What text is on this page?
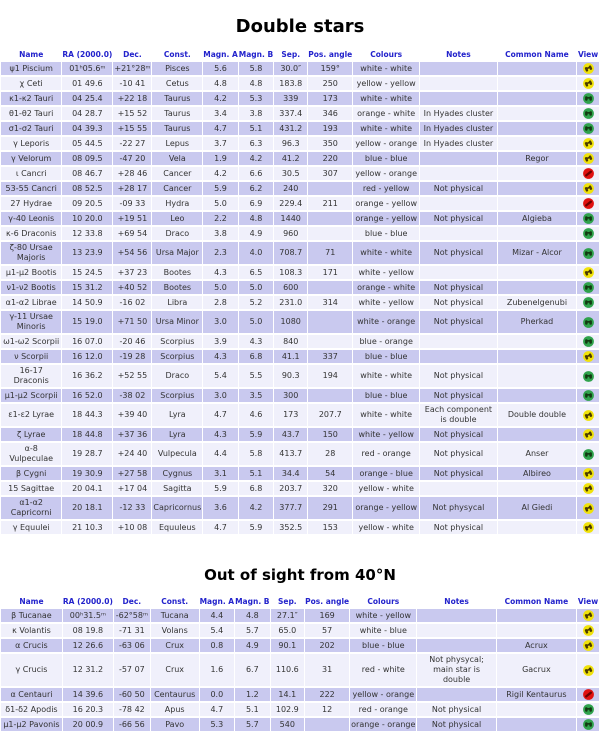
Double stars
Name	RA (2000.0)	Dec.	Const.	Magn. A	Magn. B	Sep.	Pos. angle	Colours	Notes	Common Name	View
ψ1 Piscium	01ʰ05.6ᵐ	+21°28ᵐ	Pisces	5.6	5.8	30.0″	159°	white - white			

χ Ceti	01 49.6	-10 41	Cetus	4.8	4.8	183.8	250	yellow - yellow			

κ1-κ2 Tauri	04 25.4	+22 18	Taurus	4.2	5.3	339	173	white - white			

θ1-θ2 Tauri	04 28.7	+15 52	Taurus	3.4	3.8	337.4	346	orange - white	In Hyades cluster		

σ1-σ2 Tauri	04 39.3	+15 55	Taurus	4.7	5.1	431.2	193	white - white	In Hyades cluster		

γ Leporis	05 44.5	-22 27	Lepus	3.7	6.3	96.3	350	yellow - orange	In Hyades cluster		

γ Velorum	08 09.5	-47 20	Vela	1.9	4.2	41.2	220	blue - blue		Regor	

ι Cancri	08 46.7	+28 46	Cancer	4.2	6.6	30.5	307	yellow - orange			

53-55 Cancri	08 52.5	+28 17	Cancer	5.9	6.2	240		red - yellow	Not physical		

27 Hydrae	09 20.5	-09 33	Hydra	5.0	6.9	229.4	211	orange - yellow			

γ-40 Leonis	10 20.0	+19 51	Leo	2.2	4.8	1440		orange - yellow	Not physical	Algieba	

κ-6 Draconis	12 33.8	+69 54	Draco	3.8	4.9	960		blue - blue			

ζ-80 Ursae Majoris	13 23.9	+54 56	Ursa Major	2.3	4.0	708.7	71	white - white	Not physical	Mizar - Alcor	

μ1-μ2 Bootis	15 24.5	+37 23	Bootes	4.3	6.5	108.3	171	white - yellow			

ν1-ν2 Bootis	15 31.2	+40 52	Bootes	5.0	5.0	600		orange - white	Not physical		

α1-α2 Librae	14 50.9	-16 02	Libra	2.8	5.2	231.0	314	white - yellow	Not physical	Zubenelgenubi	

γ-11 Ursae Minoris	15 19.0	+71 50	Ursa Minor	3.0	5.0	1080		white - orange	Not physical	Pherkad	

ω1-ω2 Scorpii	16 07.0	-20 46	Scorpius	3.9	4.3	840		blue - orange			

ν Scorpii	16 12.0	-19 28	Scorpius	4.3	6.8	41.1	337	blue - blue			

16-17 Draconis	16 36.2	+52 55	Draco	5.4	5.5	90.3	194	white - white	Not physical		

μ1-μ2 Scorpii	16 52.0	-38 02	Scorpius	3.0	3.5	300		blue - blue	Not physical		

ε1-ε2 Lyrae	18 44.3	+39 40	Lyra	4.7	4.6	173	207.7	white - white	Each component is double	Double double	

ζ Lyrae	18 44.8	+37 36	Lyra	4.3	5.9	43.7	150	white - yellow	Not physical		

α-8 Vulpeculae	19 28.7	+24 40	Vulpecula	4.4	5.8	413.7	28	red - orange	Not physical	Anser	

β Cygni	19 30.9	+27 58	Cygnus	3.1	5.1	34.4	54	orange - blue	Not physical	Albireo	

15 Sagittae	20 04.1	+17 04	Sagitta	5.9	6.8	203.7	320	yellow - white			

α1-α2 Capricorni	20 18.1	-12 33	Capricornus	3.6	4.2	377.7	291	orange - yellow	Not physycal	Al Giedi	

γ Equulei	21 10.3	+10 08	Equuleus	4.7	5.9	352.5	153	yellow - white	Not physical		
Out of sight from 40°N
Name	RA (2000.0)	Dec.	Const.	Magn. A	Magn. B	Sep.	Pos. angle	Colours	Notes	Common Name	View
β Tucanae	00ʰ31.5ᵐ	-62°58ᵐ	Tucana	4.4	4.8	27.1″	169	white - yellow			

κ Volantis	08 19.8	-71 31	Volans	5.4	5.7	65.0	57	white - blue			

α Crucis	12 26.6	-63 06	Crux	0.8	4.9	90.1	202	blue - blue		Acrux	

γ Crucis	12 31.2	-57 07	Crux	1.6	6.7	110.6	31	red - white	Not physycal; main star is double	Gacrux	

α Centauri	14 39.6	-60 50	Centaurus	0.0	1.2	14.1	222	yellow - orange		Rigil Kentaurus	

δ1-δ2 Apodis	16 20.3	-78 42	Apus	4.7	5.1	102.9	12	red - orange	Not physical		

μ1-μ2 Pavonis	20 00.9	-66 56	Pavo	5.3	5.7	540		orange - orange	Not physical		
